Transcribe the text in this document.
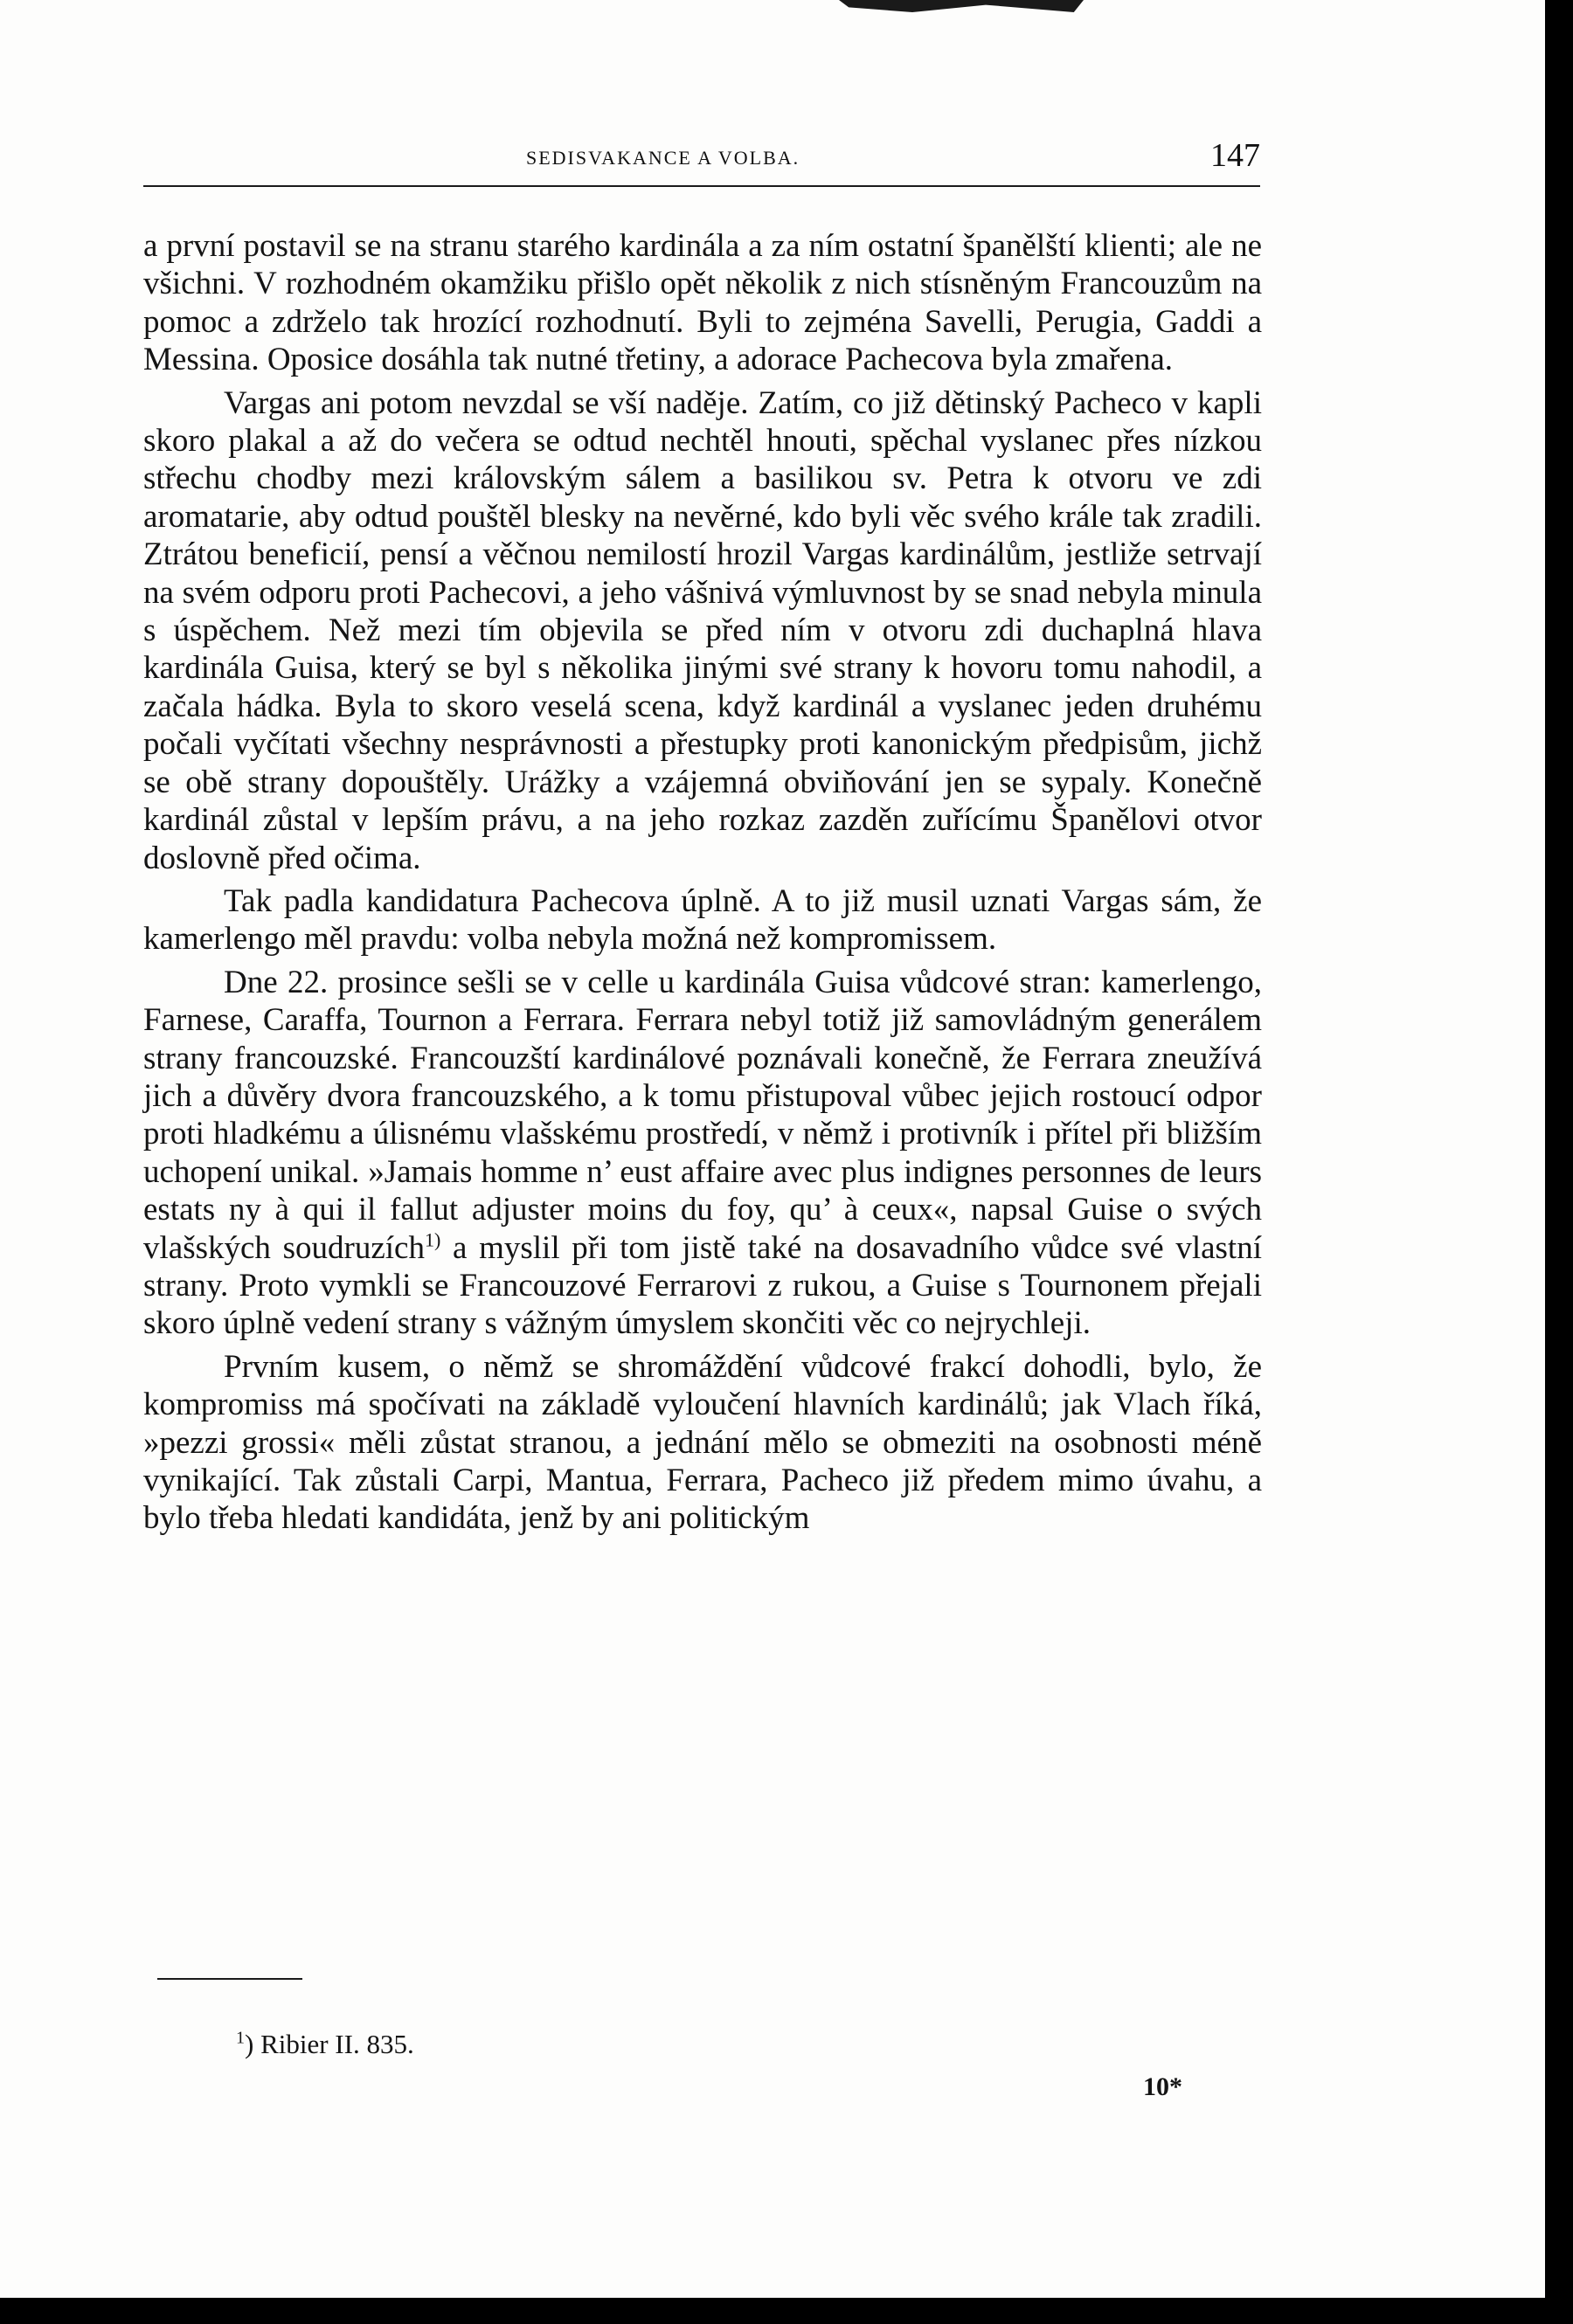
SEDISVAKANCE A VOLBA.	147

a první postavil se na stranu starého kardinála a za ním ostatní španělští klienti; ale ne všichni. V rozhodném okamžiku přišlo opět několik z nich stísněným Francouzům na pomoc a zdrželo tak hrozící rozhodnutí. Byli to zejména Savelli, Perugia, Gaddi a Messina. Oposice dosáhla tak nutné třetiny, a adorace Pachecova byla zmařena.

Vargas ani potom nevzdal se vší naděje. Zatím, co již dětinský Pacheco v kapli skoro plakal a až do večera se odtud nechtěl hnouti, spěchal vyslanec přes nízkou střechu chodby mezi královským sálem a basilikou sv. Petra k otvoru ve zdi aromatarie, aby odtud pouštěl blesky na nevěrné, kdo byli věc svého krále tak zradili. Ztrátou beneficií, pensí a věčnou nemilostí hrozil Vargas kardinálům, jestliže setrvají na svém odporu proti Pachecovi, a jeho vášnivá výmluvnost by se snad nebyla minula s úspěchem. Než mezi tím objevila se před ním v otvoru zdi duchaplná hlava kardinála Guisa, který se byl s několika jinými své strany k hovoru tomu nahodil, a začala hádka. Byla to skoro veselá scena, když kardinál a vyslanec jeden druhému počali vyčítati všechny nesprávnosti a přestupky proti kanonickým předpisům, jichž se obě strany dopouštěly. Urážky a vzájemná obviňování jen se sypaly. Konečně kardinál zůstal v lepším právu, a na jeho rozkaz zazděn zuřícímu Španělovi otvor doslovně před očima.

Tak padla kandidatura Pachecova úplně. A to již musil uznati Vargas sám, že kamerlengo měl pravdu: volba nebyla možná než kompromissem.

Dne 22. prosince sešli se v celle u kardinála Guisa vůdcové stran: kamerlengo, Farnese, Caraffa, Tournon a Ferrara. Ferrara nebyl totiž již samovládným generálem strany francouzské. Francouzští kardinálové poznávali konečně, že Ferrara zneužívá jich a důvěry dvora francouzského, a k tomu přistupoval vůbec jejich rostoucí odpor proti hladkému a úlisnému vlašskému prostředí, v němž i protivník i přítel při bližším uchopení unikal. »Jamais homme n’ eust affaire avec plus indignes personnes de leurs estats ny à qui il fallut adjuster moins du foy, qu’ à ceux«, napsal Guise o svých vlašských soudruzích$^{1)}$ a myslil při tom jistě také na dosavadního vůdce své vlastní strany. Proto vymkli se Francouzové Ferrarovi z rukou, a Guise s Tournonem přejali skoro úplně vedení strany s vážným úmyslem skončiti věc co nejrychleji.

Prvním kusem, o němž se shromáždění vůdcové frakcí dohodli, bylo, že kompromiss má spočívati na základě vyloučení hlavních kardinálů; jak Vlach říká, »pezzi grossi« měli zůstat stranou, a jednání mělo se obmeziti na osobnosti méně vynikající. Tak zůstali Carpi, Mantua, Ferrara, Pacheco již předem mimo úvahu, a bylo třeba hledati kandidáta, jenž by ani politickým

$^1$) Ribier II. 835.
10*
